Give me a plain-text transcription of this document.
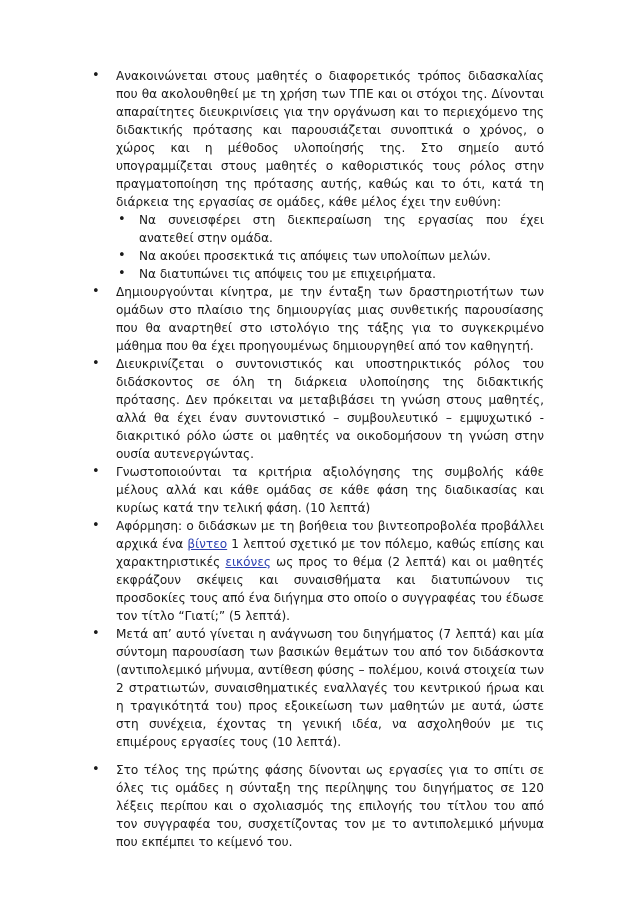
• Ανακοινώνεται στους μαθητές ο διαφορετικός τρόπος διδασκαλίας που θα ακολουθηθεί με τη χρήση των ΤΠΕ και οι στόχοι της. Δίνονται απαραίτητες διευκρινίσεις για την οργάνωση και το περιεχόμενο της διδακτικής πρότασης και παρουσιάζεται συνοπτικά ο χρόνος, ο χώρος και η μέθοδος υλοποίησής της. Στο σημείο αυτό υπογραμμίζεται στους μαθητές ο καθοριστικός τους ρόλος στην πραγματοποίηση της πρότασης αυτής, καθώς και το ότι, κατά τη διάρκεια της εργασίας σε ομάδες, κάθε μέλος έχει την ευθύνη:
• Να συνεισφέρει στη διεκπεραίωση της εργασίας που έχει ανατεθεί στην ομάδα.
• Να ακούει προσεκτικά τις απόψεις των υπολοίπων μελών.
• Να διατυπώνει τις απόψεις του με επιχειρήματα.
• Δημιουργούνται κίνητρα, με την ένταξη των δραστηριοτήτων των ομάδων στο πλαίσιο της δημιουργίας μιας συνθετικής παρουσίασης που θα αναρτηθεί στο ιστολόγιο της τάξης για το συγκεκριμένο μάθημα που θα έχει προηγουμένως δημιουργηθεί από τον καθηγητή.
• Διευκρινίζεται ο συντονιστικός και υποστηρικτικός ρόλος του διδάσκοντος σε όλη τη διάρκεια υλοποίησης της διδακτικής πρότασης. Δεν πρόκειται να μεταβιβάσει τη γνώση στους μαθητές, αλλά θα έχει έναν συντονιστικό – συμβουλευτικό – εμψυχωτικό - διακριτικό ρόλο ώστε οι μαθητές να οικοδομήσουν τη γνώση στην ουσία αυτενεργώντας.
• Γνωστοποιούνται τα κριτήρια αξιολόγησης της συμβολής κάθε μέλους αλλά και κάθε ομάδας σε κάθε φάση της διαδικασίας και κυρίως κατά την τελική φάση. (10 λεπτά)
• Αφόρμηση: ο διδάσκων με τη βοήθεια του βιντεοπροβολέα προβάλλει αρχικά ένα βίντεο 1 λεπτού σχετικό με τον πόλεμο, καθώς επίσης και χαρακτηριστικές εικόνες ως προς το θέμα (2 λεπτά) και οι μαθητές εκφράζουν σκέψεις και συναισθήματα και διατυπώνουν τις προσδοκίες τους από ένα διήγημα στο οποίο ο συγγραφέας του έδωσε τον τίτλο “Γιατί;” (5 λεπτά).
• Μετά απ’ αυτό γίνεται η ανάγνωση του διηγήματος (7 λεπτά) και μία σύντομη παρουσίαση των βασικών θεμάτων του από τον διδάσκοντα (αντιπολεμικό μήνυμα, αντίθεση φύσης – πολέμου, κοινά στοιχεία των 2 στρατιωτών, συναισθηματικές εναλλαγές του κεντρικού ήρωα και η τραγικότητά του) προς εξοικείωση των μαθητών με αυτά, ώστε στη συνέχεια, έχοντας τη γενική ιδέα, να ασχοληθούν με τις επιμέρους εργασίες τους (10 λεπτά).
• Στο τέλος της πρώτης φάσης δίνονται ως εργασίες για το σπίτι σε όλες τις ομάδες η σύνταξη της περίληψης του διηγήματος σε 120 λέξεις περίπου και ο σχολιασμός της επιλογής του τίτλου του από τον συγγραφέα του, συσχετίζοντας τον με το αντιπολεμικό μήνυμα που εκπέμπει το κείμενό του.
